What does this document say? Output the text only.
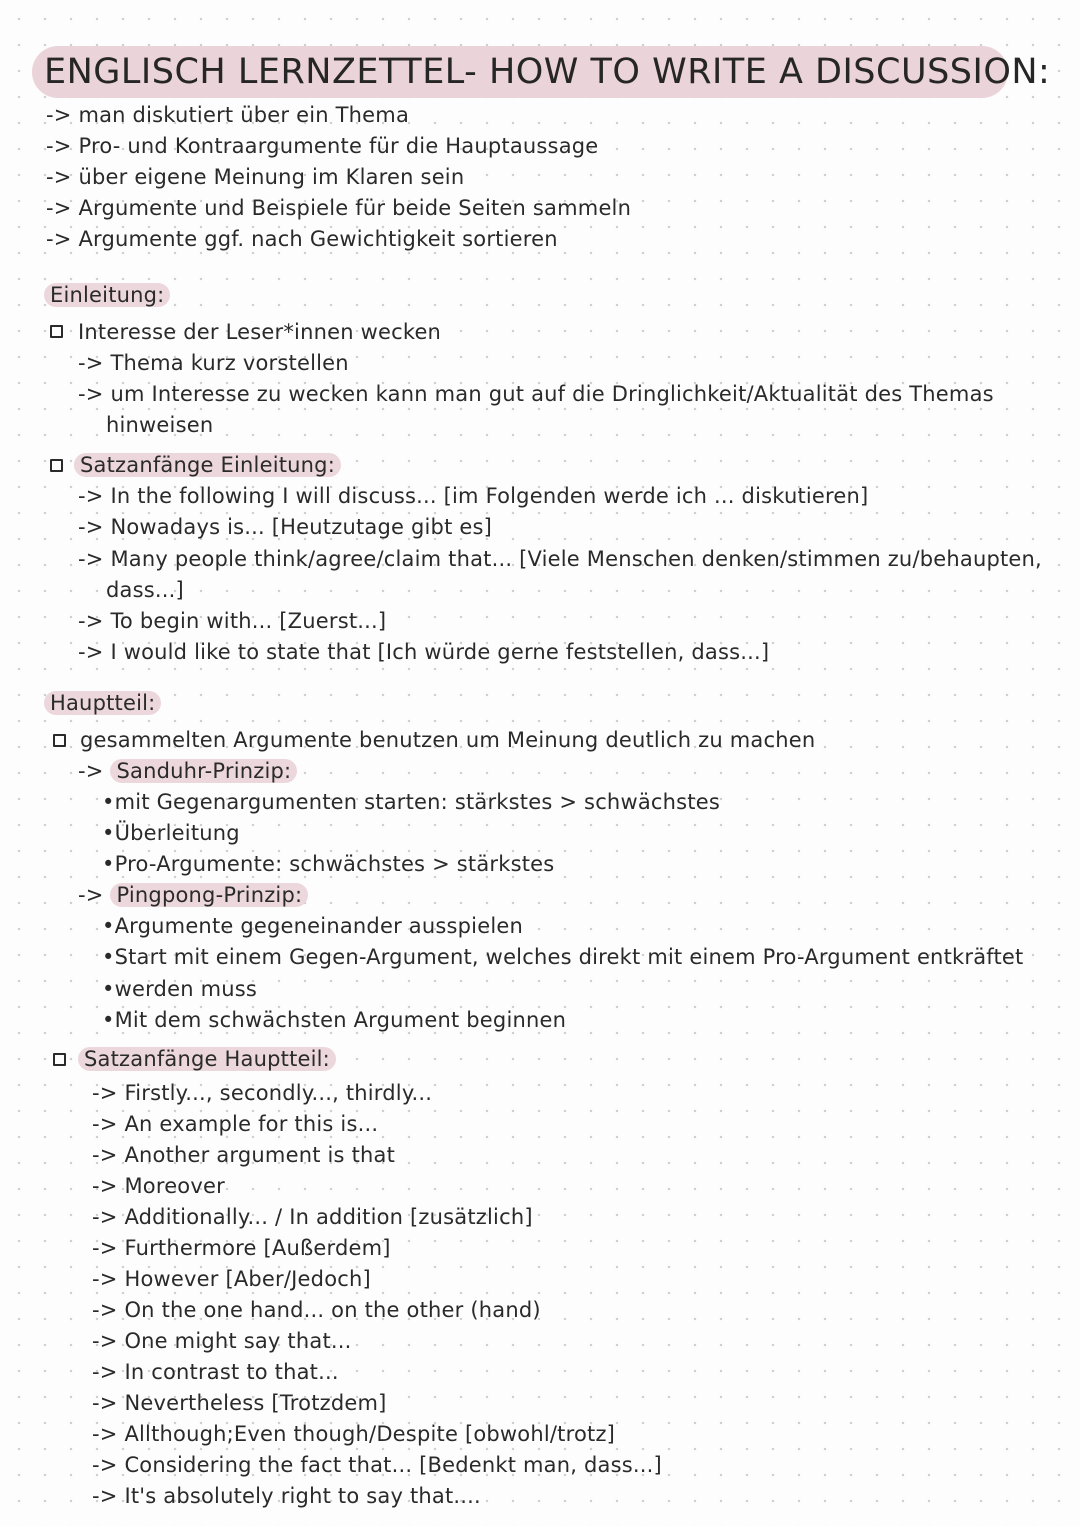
ENGLISCH LERNZETTEL- HOW TO WRITE A DISCUSSION:
-> man diskutiert über ein Thema
-> Pro- und Kontraargumente für die Hauptaussage
-> über eigene Meinung im Klaren sein
-> Argumente und Beispiele für beide Seiten sammeln
-> Argumente ggf. nach Gewichtigkeit sortieren
Einleitung:
Interesse der Leser*innen wecken
-> Thema kurz vorstellen
-> um Interesse zu wecken kann man gut auf die Dringlichkeit/Aktualität des Themas
hinweisen
Satzanfänge Einleitung:
-> In the following I will discuss... [im Folgenden werde ich ... diskutieren]
-> Nowadays is... [Heutzutage gibt es]
-> Many people think/agree/claim that... [Viele Menschen denken/stimmen zu/behaupten,
dass...]
-> To begin with... [Zuerst...]
-> I would like to state that [Ich würde gerne feststellen, dass...]
Hauptteil:
gesammelten Argumente benutzen um Meinung deutlich zu machen
-> Sanduhr-Prinzip:
•mit Gegenargumenten starten: stärkstes > schwächstes
•Überleitung
•Pro-Argumente: schwächstes > stärkstes
-> Pingpong-Prinzip:
•Argumente gegeneinander ausspielen
•Start mit einem Gegen-Argument, welches direkt mit einem Pro-Argument entkräftet
•werden muss
•Mit dem schwächsten Argument beginnen
Satzanfänge Hauptteil:
-> Firstly..., secondly..., thirdly...
-> An example for this is...
-> Another argument is that
-> Moreover
-> Additionally... / In addition [zusätzlich]
-> Furthermore [Außerdem]
-> However [Aber/Jedoch]
-> On the one hand... on the other (hand)
-> One might say that...
-> In contrast to that...
-> Nevertheless [Trotzdem]
-> Allthough;Even though/Despite [obwohl/trotz]
-> Considering the fact that... [Bedenkt man, dass...]
-> It's absolutely right to say that....
